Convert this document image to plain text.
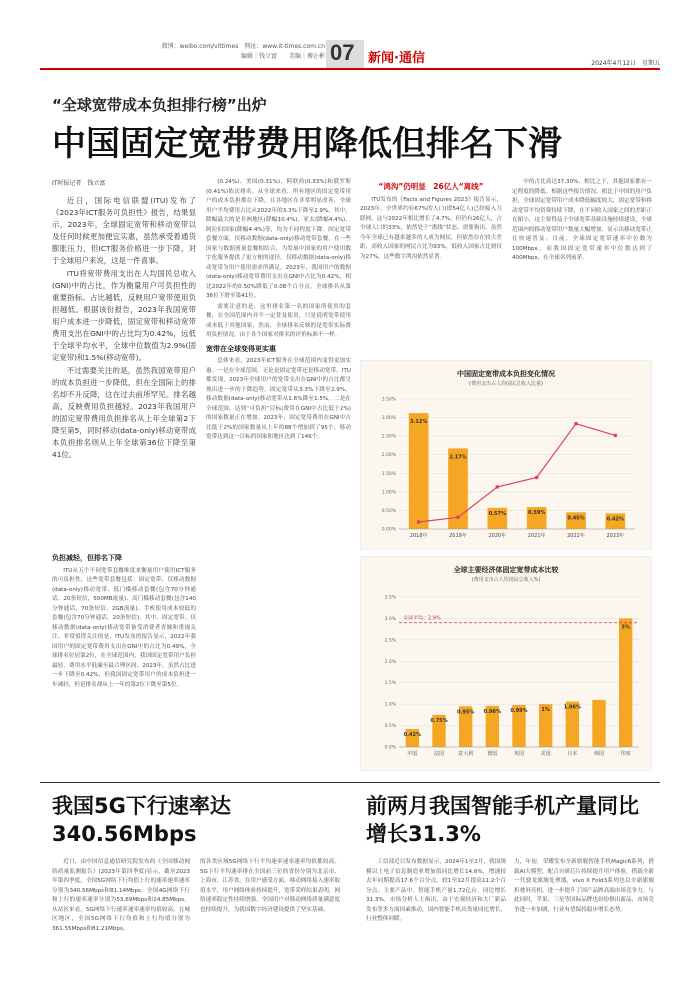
微博：weibo.com/vittimes　网址：www.it-times.com.cn
编辑｜钱立富　　美编｜傅正彬 07 新闻·通信	2024年4月12日　星期五
“全球宽带成本负担排行榜”出炉
中国固定宽带费用降低但排名下滑
IT时报记者　钱立富

近日，国际电信联盟(ITU)发布了《2023年ICT服务可负担性》报告，结果显示，2023年，全球固定宽带和移动宽带以及任何时候更加便宜实惠，虽然承受着通货膨胀压力，但ICT服务价格进一步下降。对于全球用户来说，这是一件喜事。

ITU将宽带费用支出在人均国民总收入(GNI)中的占比，作为衡量用户可负担性的重要指标。占比越低，反映用户宽带使用负担越低。根据该份报告，2023年我国宽带用户成本进一步降低，固定宽带和移动宽带费用支出在GNI中的占比均为0.42%，远低于全球平均水平，全球中位数值为2.9%(固定宽带)和1.5%(移动宽带)。

不过需要关注的是，虽然我国宽带用户的成本负担进一步降低，但在全国际上的排名却不升反降，这在过去前所罕见。排名越高，反映费用负担越轻。2023年我国用户的固定宽带费用负担排名从上年全球第2下降至第5，同时移动(data-only)移动宽带成本负担排名则从上年全球第36位下降至第41位。

负担减轻，但排名下降

ITU从五个不同宽带套餐维度来衡量用户使用ICT服务的可负担性，这些宽带套餐包括：固定宽带、仅移动数据(data-only)移动宽带、低门槛移动套餐(包含70分钟通话、20条短信，500MB流量)、高门槛移动套餐(包含140分钟通话、70条短信、2GB流量)、手机使用成本较低的套餐(包含70分钟通话、20条短信)。其中，固定宽带、仅移动数据(data-only)移动宽带备受消费者青睐和重视关注。非常值得关注的是，ITU发布的报告显示，2022年我国用户的固定宽带费用支出在GNI中的占比为0.49%，全球排名位居第2位，在全球范围内，我国固定宽带用户负担最轻，费用水平低廉至最合理区间。2023年，虽然占比进一步下降至0.42%，但我国固定宽带用户的成本负担进一步减轻，但是排名却从上一年的第2位下降至第5位。

(0.24%)、美国(0.31%)、阿联酋(0.33%)和俄罗斯(0.41%)依次排名。从全球来看，所有地区的固定宽带用户的成本负担都在下降，且各地区在非常明显改善，全球用户平均费用占比从2022年的3.3%下降至2.9%。其中，降幅最大的是非洲地区(降幅10.4%)、亚太(降幅4.4%)、阿拉伯国家(降幅4.4%)等，均为不同程度下降。固定宽带套餐方面，仅移动数据(data-only)移动宽带套餐，在一些国家与数据流量套餐相结合，为发展中国家的用户使用数字化服务提供了更方便的途径，仅移动数据(data-only)移动宽带为用户使用需求所满足。2023年，我国用户的数据(data-only)移动宽带费用支出在GNI中占比为0.42%，相比2022年的0.50%降低了0.08个百分点，全球排名从第36位下滑至第41位。

需要注意的是，这里排名第一名的国家所使用的套餐，在全国范围内并不一定普及使用，只是说明宽带使用成本低于其他国家，然而，全球排名反映的是宽带实际费用负担情况，由于各个国家对排名的评价标准不一样。

宽带在全球变得更实惠

总体来看，2023年ICT服务在全球范围内变得更加实惠。一是在全球范围，无论是固定宽带还是移动宽带，ITU都发现，2023年全球用户的宽带支出在GNI中的占比都呈现出进一步的下降趋势，固定宽带从3.3%下降至2.9%，移动数据(data-only)移动宽带从1.6%降至1.5%。二是在全球范围，达到“可负担”目标(费用在GNI中占比低于2%)的国家数量正在增加。2023年，固定宽带费用在GNI中占比低于2%的国家数量从上年的88个增加到了95个，移动宽带达到这一目标的国家和地区达到了146个。

“鸿沟”仍明显　26亿人“离线”

ITU发布的《Facts and Figures 2023》报告显示，2023年，全世界约有67%的人口(即54亿人)已经接入互联网，这与2022年相比增长了4.7%。但仍有26亿人，占全球人口的33%，依然处于“离线”状态。需要指出，虽然今年全球已有越来越多的人成为网民，但依然存在较大差距，高收入国家的网民占比为93%，低收入国家占比则仅为27%，这些数字鸿沟依然显著。

中的占比高达37.30%，相比之下，其他国家都有一定程度的降低。根据这些报告情况，相比于中国的用户负担，全球固定宽带用户成本降低幅度较大，固定宽带和移动宽带平均资费持续下降，在不同收入国家之间的差距正在缩小，这主要得益于全球宽带基础设施持续建设，全球范围内的移动宽带用户数量大幅增加，显示出移动宽带正在快速普及。目前，全球固定宽带速率中位数为100Mbps，而我国固定宽带速率中位数达到了400Mbps，在全球名列前茅。

中国固定宽带成本负担变化情况
(费用支出占人均国民总收入比重)
0.00%
0.50%
1.00%
1.50%
2.00%
2.50%
3.00%
3.50%
3.12%
2018年
2.17%
2019年
0.57%
2020年
0.59%
2021年
0.45%
2022年
0.42%
2023年
全球主要经济体固定宽带成本比较
(费用支出占人均国民总收入%)
0.0%
0.5%
1.0%
1.5%
2.0%
2.5%
3.0%
3.5%
0.42%
中国
0.75%
法国
0.95%
意大利
0.96%
德国
0.99%
英国
1%
美国
1.06%
日本	韩国
3%
印度
全球平均：2.9%
我国5G下行速率达340.56Mbps

近日，由中国信息通信研究院发布的《全国移动网络质量监测报告》(2023年第四季度)显示，截至2023年第四季度，全国5G网络下行均值上行的速率速率速率分别为340.56Mbps和81.14Mbps。全国4G网络下行和上行的速率速率分别为53.69Mbps和24.85Mbps。从站区来看，5G网络下行速率速率速率均值较高，在城区地区，全国5G网络下行均值和上行均值分别为361.55Mbps和81.21Mbps。

的各类区域5G网络下行平均速率速率速率均值都较高。5G下行平均速率排在全国前三位的省份分别为北京市、上海市、江苏省。在用户感受方面，移动网络接入速率取值水平，用户网络体验持续提升，宽带采样结果表明，网络速率稳定性持续增强，全国用户对移动网络质量满意度也持续提升，为我国数字经济建设提供了坚实基础。

前两月我国智能手机产量同比增长31.3%

工信部近日发布数据显示，2024年1至2月，我国规模以上电子信息制造业增加值同比增长14.6%，增速较去年同期提高17.6个百分点，较1至12月提高11.2个百分点。主要产品中，智能手机产量1.72亿台，同比增长31.3%。市场分析人士指出，由于宏观经济和大厂新品发布等多方面因素推动，国内智能手机出货量同比增长，行业整体回暖。

力，年初，荣耀发布全新旗舰智能手机Magic6系列，搭载AI大模型，配合自研芯片持续提升用户体验，搭载全新一代骁龙旗舰处理器，vivo X Fold3系列也以全新旗舰折叠屏亮相，进一步提升了国产品牌高端市场竞争力。与此同时，苹果、三星等国际品牌也纷纷推出新品，市场竞争进一步加剧，行业有望保持稳步增长态势。
